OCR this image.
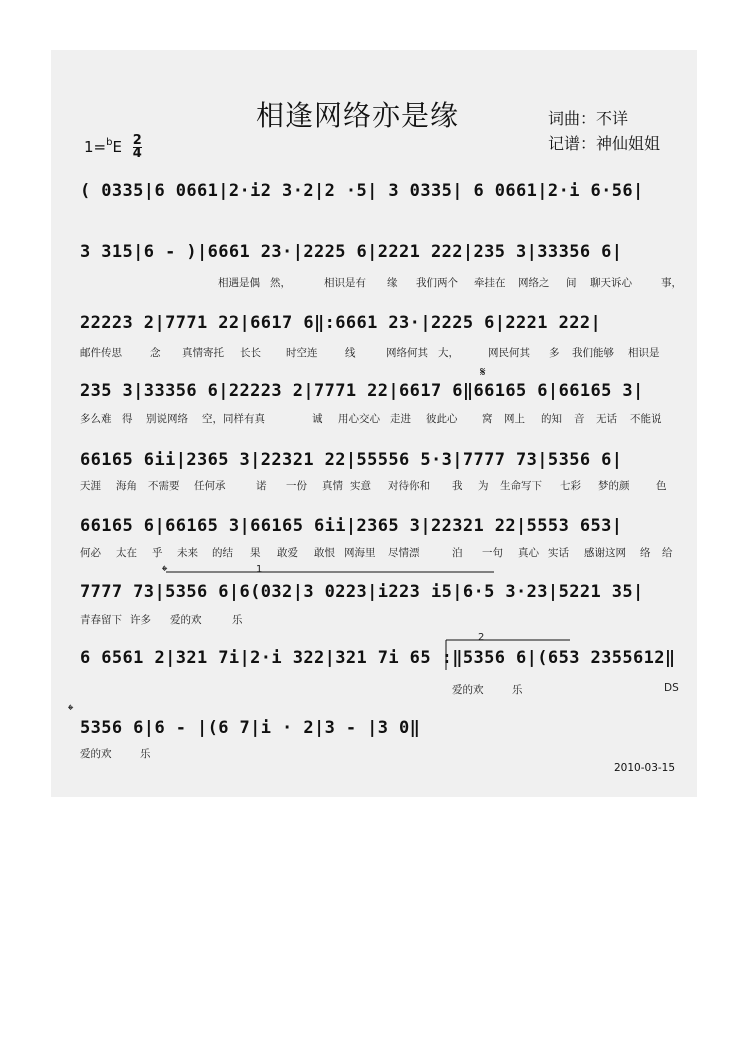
相逢网络亦是缘	词曲：不详
记谱：神仙姐姐
$1=^bE \frac{2}{4}$
( 0335|6 0661|2·i2 3·2|2 ·5| 3 0335| 6 0661|2·i 6·56|
3 315|6 - )|6661 23·|2225 6|2221 222|235 3|33356 6|
22223 2|7771 22|6617 6‖:6661 23·|2225 6|2221 222|
235 3|33356 6|22223 2|7771 22|6617 6‖66165 6|66165 3|
66165 6ii|2365 3|22321 22|55556 5·3|7777 73|5356 6|
66165 6|66165 3|66165 6ii|2365 3|22321 22|5553 653|
7777 73|5356 6|6(032|3 0223|i223 i5|6·5 3·23|5221 35|
6 6561 2|321 7i|2·i 322|321 7i 65 :‖5356 6|(653 2355612‖
5356 6|6 - |(6 7|i · 2|3 - |3 0‖
相遇是偶 然，	相识是有 缘 我们两个 牵挂在 网络之 间 聊天诉心	事，
邮件传思	念 真情寄托 长长 时空连	线	网络何其 大，	网民何其 多 我们能够 相识是
𝄋
多么难 得 别说网络 空，同样有真	诚 用心交心 走进 彼此心 窝 网上 的知 音 无话 不能说
天涯 海角 不需要 任何承	诺 一份 真情 实意 对待你和 我 为 生命写下 七彩 梦的颜	色
何必 太在 乎 未来 的结 果 敢爱 敢恨 网海里 尽情漂	泊 一句 真心 实话 感谢这网 络 给
𝄌	1
青春留下 许多 爱的欢	乐
2
爱的欢	乐	DS
𝄌
爱的欢	乐
2010-03-15
